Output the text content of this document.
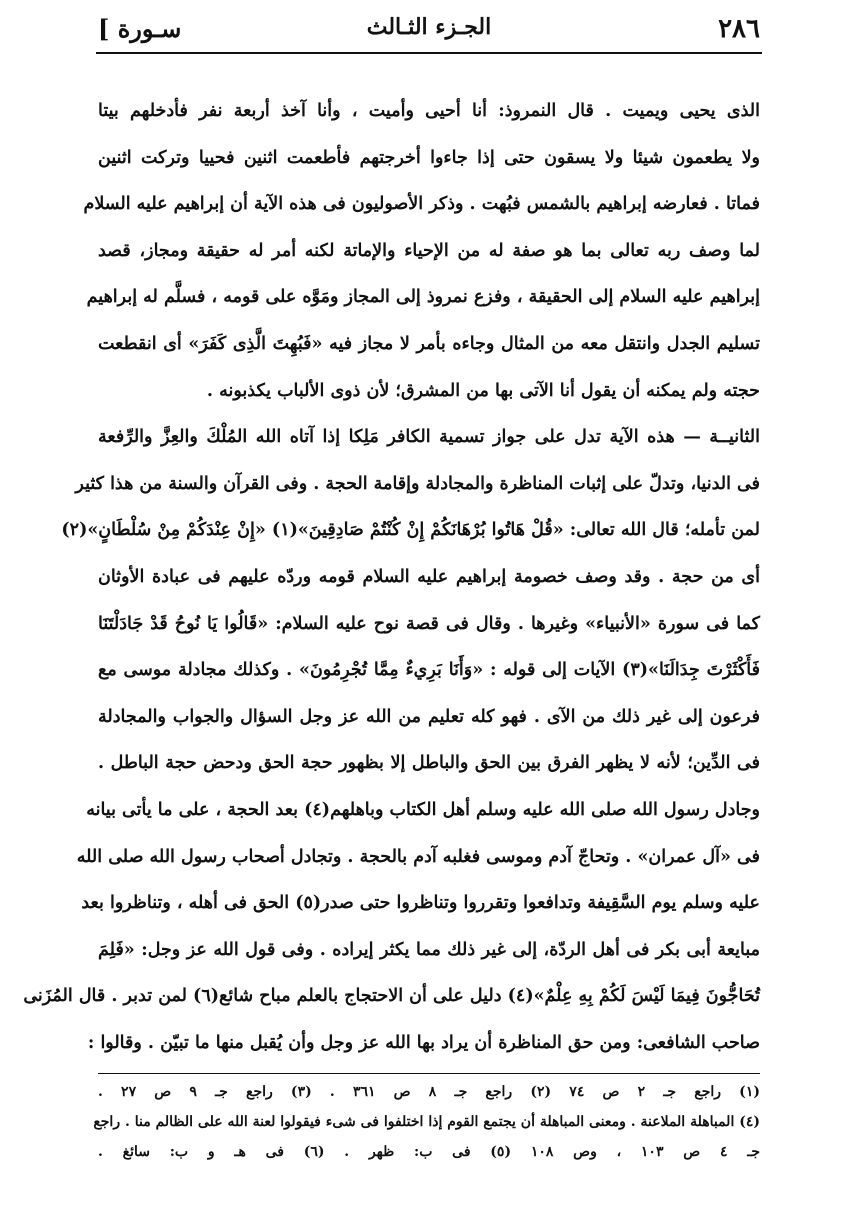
٢٨٦
الجـزء الثـالث
سـورة ]
الذى يحيى ويميت . قال النمروذ: أنا أحيى وأميت ، وأنا آخذ أربعة نفر فأدخلهم بيتا
ولا يطعمون شيئا ولا يسقون حتى إذا جاءوا أخرجتهم فأطعمت اثنين فحييا وتركت اثنين
فماتا . فعارضه إبراهيم بالشمس فبُهت . وذكر الأصوليون فى هذه الآية أن إبراهيم عليه السلام
لما وصف ربه تعالى بما هو صفة له من الإحياء والإماتة لكنه أمر له حقيقة ومجاز، قصد
إبراهيم عليه السلام إلى الحقيقة ، وفزع نمروذ إلى المجاز ومَوَّه على قومه ، فسلَّم له إبراهيم
تسليم الجدل وانتقل معه من المثال وجاءه بأمر لا مجاز فيه «فَبُهِتَ الَّذِى كَفَرَ» أى انقطعت
حجته ولم يمكنه أن يقول أنا الآتى بها من المشرق؛ لأن ذوى الألباب يكذبونه .
الثانيــة — هذه الآية تدل على جواز تسمية الكافر مَلِكا إذا آتاه الله المُلْكَ والعِزَّ والرِّفعة
فى الدنيا، وتدلّ على إثبات المناظرة والمجادلة وإقامة الحجة . وفى القرآن والسنة من هذا كثير
لمن تأمله؛ قال الله تعالى: «قُلْ هَاتُوا بُرْهَانَكُمْ إِنْ كُنْتُمْ صَادِقِينَ»(١) «إِنْ عِنْدَكُمْ مِنْ سُلْطَانٍ»(٢)
أى من حجة . وقد وصف خصومة إبراهيم عليه السلام قومه وردّه عليهم فى عبادة الأوثان
كما فى سورة «الأنبياء» وغيرها . وقال فى قصة نوح عليه السلام: «قَالُوا يَا نُوحُ قَدْ جَادَلْتَنَا
فَأَكْثَرْتَ جِدَالَنَا»(٣) الآيات إلى قوله : «وَأَنَا بَرِيءٌ مِمَّا تُجْرِمُونَ» . وكذلك مجادلة موسى مع
فرعون إلى غير ذلك من الآى . فهو كله تعليم من الله عز وجل السؤال والجواب والمجادلة
فى الدِّين؛ لأنه لا يظهر الفرق بين الحق والباطل إلا بظهور حجة الحق ودحض حجة الباطل .
وجادل رسول الله صلى الله عليه وسلم أهل الكتاب وباهلهم(٤) بعد الحجة ، على ما يأتى بيانه
فى «آل عمران» . وتحاجّ آدم وموسى فغلبه آدم بالحجة . وتجادل أصحاب رسول الله صلى الله
عليه وسلم يوم السَّقِيفة وتدافعوا وتقرروا وتناظروا حتى صدر(٥) الحق فى أهله ، وتناظروا بعد
مبايعة أبى بكر فى أهل الردّة، إلى غير ذلك مما يكثر إيراده . وفى قول الله عز وجل: «فَلِمَ
تُحَاجُّونَ فِيمَا لَيْسَ لَكُمْ بِهِ عِلْمٌ»(٤) دليل على أن الاحتجاج بالعلم مباح شائع(٦) لمن تدبر . قال المُزَنى
صاحب الشافعى: ومن حق المناظرة أن يراد بها الله عز وجل وأن يُقبل منها ما تبيّن . وقالوا :
(١) راجع جـ ٢ ص ٧٤ (٢) راجع جـ ٨ ص ٣٦١ . (٣) راجع جـ ٩ ص ٢٧ .
(٤) المباهلة الملاعنة . ومعنى المباهلة أن يجتمع القوم إذا اختلفوا فى شىء فيقولوا لعنة الله على الظالم منا . راجع
جـ ٤ ص ١٠٣ ، وص ١٠٨ (٥) فى ب: ظهر . (٦) فى هـ و ب: سائغ .
